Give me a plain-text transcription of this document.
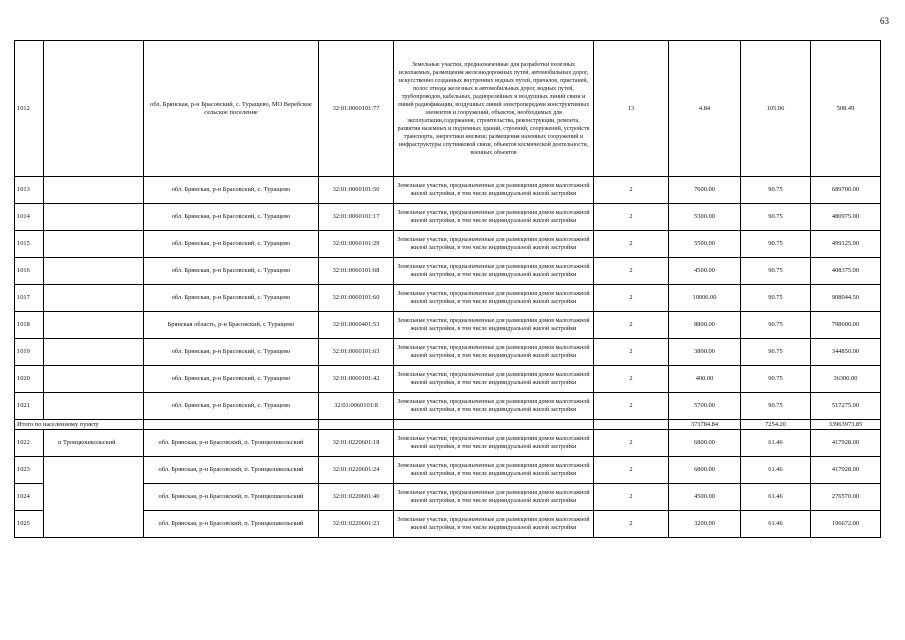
63
1012		обл. Брянская, р-н Брасовский, с. Туращево, МО Веребское сельское поселение	32:01:0060101:77	Земельные участки, предназначенные для разработки полезных ископаемых, размещения железнодорожных путей, автомобильных дорог, искусственно созданных внутренних водных путей, причалов, пристаней, полос отвода железных и автомобильных дорог, водных путей, трубопроводов, кабельных, радиорелейных и воздушных линий связи и линий радиофикации, воздушных линий электропередачи конструктивных элементов и сооружений, объектов, необходимых для эксплуатации,содержания, строительства, реконструкции, ремонта, развития наземных и подземных зданий, строений, сооружений, устройств транспорта, энергетики инсвязи; размещения наземных сооружений и инфраструктуры спутниковой связи, объектов космической деятельности, военных объектов	13	4.84	105.06	508.49
1013		обл. Брянская, р-н Брасовский, с. Туращево	32:01:0060101:50	Земельные участки, предназначенные для размещения домов малоэтажной жилой застройки, в том числе индивидуальной жилой застройки	2	7600.00	90.75	689700.00
1014		обл. Брянская, р-н Брасовский, с. Туращево	32:01:0060101:17	Земельные участки, предназначенные для размещения домов малоэтажной жилой застройки, в том числе индивидуальной жилой застройки	2	5300.00	90.75	480975.00
1015		обл. Брянская, р-н Брасовский, с. Туращево	32:01:0060101:29	Земельные участки, предназначенные для размещения домов малоэтажной жилой застройки, в том числе индивидуальной жилой застройки	2	5500.00	90.75	499125.00
1016		обл. Брянская, р-н Брасовский, с. Туращево	32:01:0060101:68	Земельные участки, предназначенные для размещения домов малоэтажной жилой застройки, в том числе индивидуальной жилой застройки	2	4500.00	90.75	408375.00
1017		обл. Брянская, р-н Брасовский, с. Туращево	32:01:0060101:60	Земельные участки, предназначенные для размещения домов малоэтажной жилой застройки, в том числе индивидуальной жилой застройки	2	10006.00	90.75	908044.50
1018		Брянская область, р-н Брасовский, с Туращево	32:01:0060401:53	Земельные участки, предназначенные для размещения домов малоэтажной жилой застройки, в том числе индивидуальной жилой застройки	2	8800.00	90.75	798600.00
1019		обл. Брянская, р-н Брасовский, с. Туращево	32:01:0060101:63	Земельные участки, предназначенные для размещения домов малоэтажной жилой застройки, в том числе индивидуальной жилой застройки	2	3800.00	90.75	344850.00
1020		обл. Брянская, р-н Брасовский, с. Туращево	32:01:0060101:42	Земельные участки, предназначенные для размещения домов малоэтажной жилой застройки, в том числе индивидуальной жилой застройки	2	400.00	90.75	36300.00
1021		обл. Брянская, р-н Брасовский, с. Туращево	32:01:0060101:8	Земельные участки, предназначенные для размещения домов малоэтажной жилой застройки, в том числе индивидуальной жилой застройки	2	5700.00	90.75	517275.00
Итого по населенному пункту						373784.84	7254.20	33963973.85
1022	п Троицкошкольский	обл. Брянская, р-н Брасовский, п. Троицкошкольский	32:01:0220601:18	Земельные участки, предназначенные для размещения домов малоэтажной жилой застройки, в том числе индивидуальной жилой застройки	2	6800.00	61.46	417928.00
1023		обл. Брянская, р-н Брасовский, п. Троицкошкольский	32:01:0220601:24	Земельные участки, предназначенные для размещения домов малоэтажной жилой застройки, в том числе индивидуальной жилой застройки	2	6800.00	61.46	417928.00
1024		обл. Брянская, р-н Брасовский, п. Троицкошкольский	32:01:0220601:40	Земельные участки, предназначенные для размещения домов малоэтажной жилой застройки, в том числе индивидуальной жилой застройки	2	4500.00	61.46	276570.00
1025		обл. Брянская, р-н Брасовский, п. Троицкошкольский	32:01:0220601:23	Земельные участки, предназначенные для размещения домов малоэтажной жилой застройки, в том числе индивидуальной жилой застройки	2	3200.00	61.46	196672.00
